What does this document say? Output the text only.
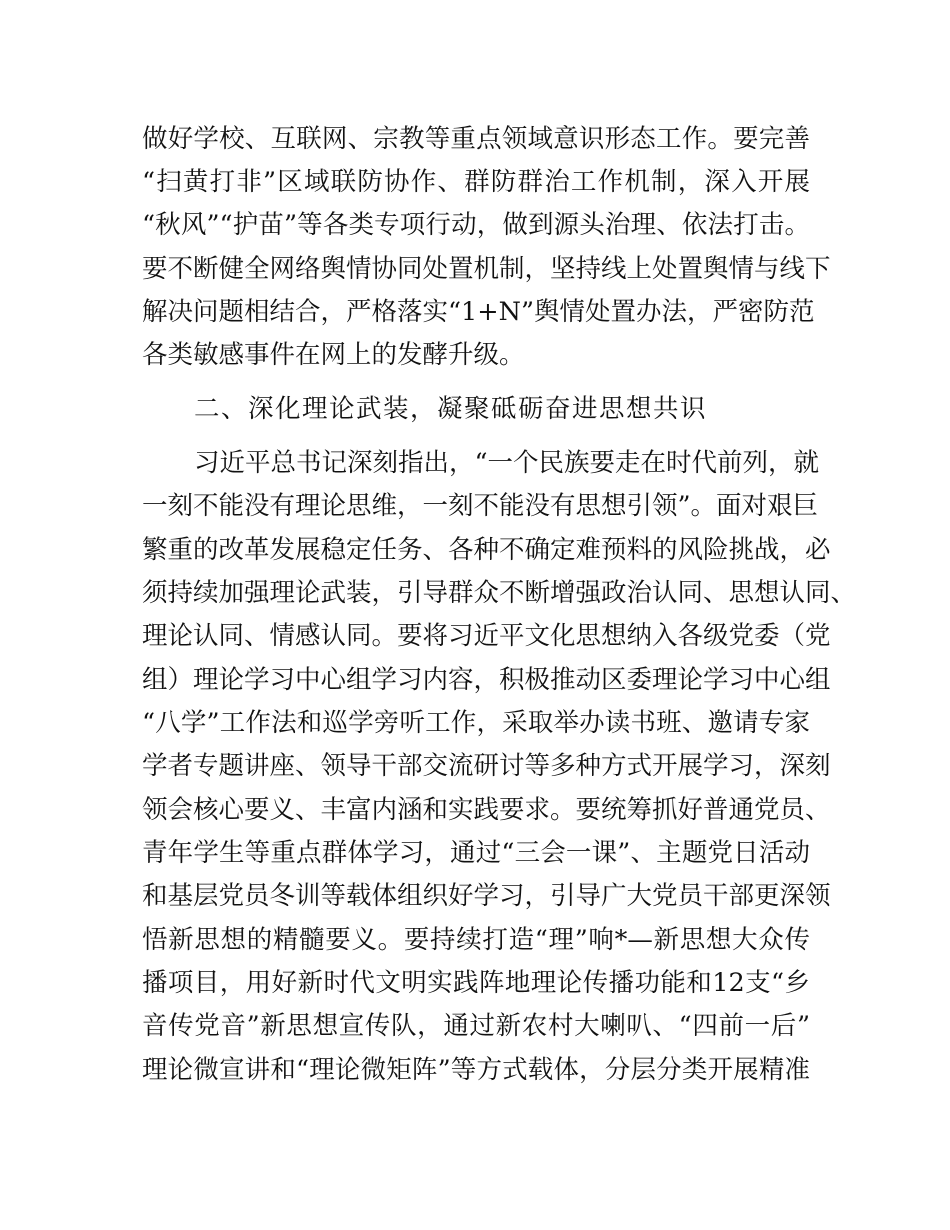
做好学校、互联网、宗教等重点领域意识形态工作。要完善
“扫黄打非”区域联防协作、群防群治工作机制，深入开展
“秋风”“护苗”等各类专项行动，做到源头治理、依法打击。
要不断健全网络舆情协同处置机制，坚持线上处置舆情与线下
解决问题相结合，严格落实“1+N”舆情处置办法，严密防范
各类敏感事件在网上的发酵升级。
二、深化理论武装，凝聚砥砺奋进思想共识
习近平总书记深刻指出，“一个民族要走在时代前列，就
一刻不能没有理论思维，一刻不能没有思想引领”。面对艰巨
繁重的改革发展稳定任务、各种不确定难预料的风险挑战，必
须持续加强理论武装，引导群众不断增强政治认同、思想认同、
理论认同、情感认同。要将习近平文化思想纳入各级党委（党
组）理论学习中心组学习内容，积极推动区委理论学习中心组
“八学”工作法和巡学旁听工作，采取举办读书班、邀请专家
学者专题讲座、领导干部交流研讨等多种方式开展学习，深刻
领会核心要义、丰富内涵和实践要求。要统筹抓好普通党员、
青年学生等重点群体学习，通过“三会一课”、主题党日活动
和基层党员冬训等载体组织好学习，引导广大党员干部更深领
悟新思想的精髓要义。要持续打造“理”响*—新思想大众传
播项目，用好新时代文明实践阵地理论传播功能和12支“乡
音传党音”新思想宣传队，通过新农村大喇叭、“四前一后”
理论微宣讲和“理论微矩阵”等方式载体，分层分类开展精准
